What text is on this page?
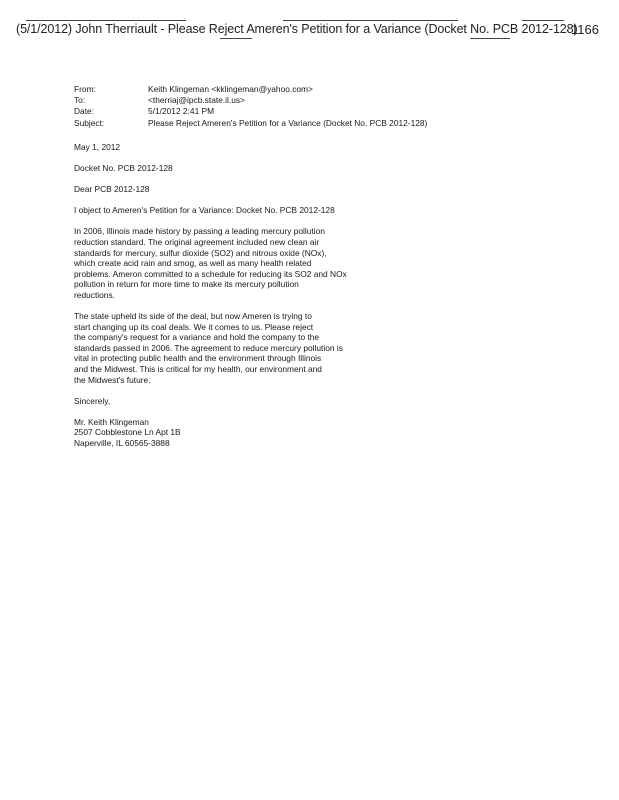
(5/1/2012) John Therriault - Please Reject Ameren's Petition for a Variance (Docket No. PCB 2012-128)
1166
From:	Keith Klingeman <kklingeman@yahoo.com>
To:	<therriaj@ipcb.state.il.us>
Date:	5/1/2012 2:41 PM
Subject:	Please Reject Ameren's Petition for a Variance (Docket No. PCB 2012-128)

May 1, 2012

Docket No. PCB 2012-128

Dear PCB 2012-128

I object to Ameren's Petition for a Variance: Docket No. PCB 2012-128

In 2006, Illinois made history by passing a leading mercury pollution
reduction standard. The original agreement included new clean air
standards for mercury, sulfur dioxide (SO2) and nitrous oxide (NOx),
which create acid rain and smog, as well as many health related
problems. Ameron committed to a schedule for reducing its SO2 and NOx
pollution in return for more time to make its mercury pollution
reductions.

The state upheld its side of the deal, but now Ameren is trying to
start changing up its coal deals. We it comes to us. Please reject
the company's request for a variance and hold the company to the
standards passed in 2006. The agreement to reduce mercury pollution is
vital in protecting public health and the environment through Illinois
and the Midwest. This is critical for my health, our environment and
the Midwest's future.

Sincerely,

Mr. Keith Klingeman
2507 Cobblestone Ln Apt 1B
Naperville, IL 60565-3888
